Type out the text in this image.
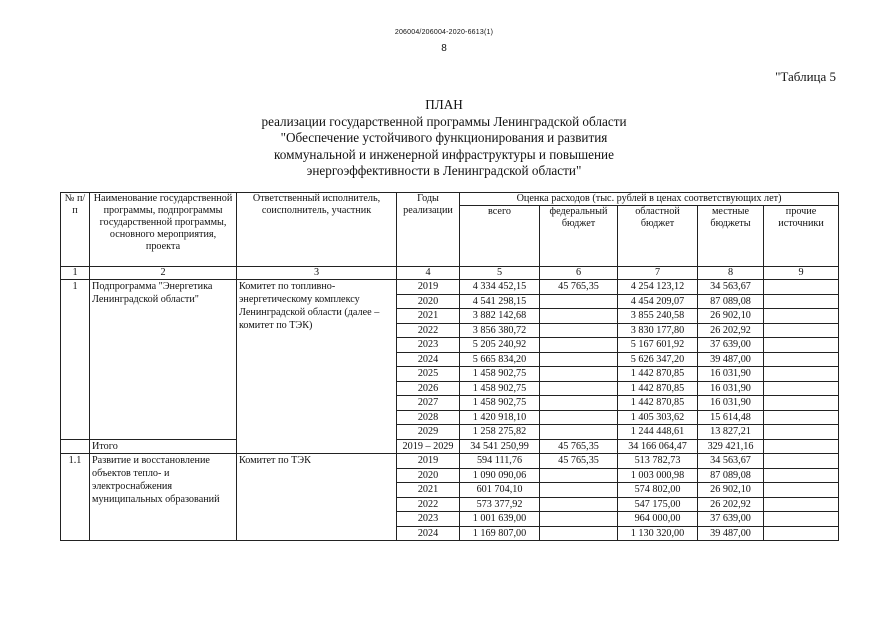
206004/206004-2020-6613(1)
8
"Таблица 5
ПЛАН
реализации государственной программы Ленинградской области
"Обеспечение устойчивого функционирования и развития
коммунальной и инженерной инфраструктуры и повышение
энергоэффективности в Ленинградской области"
№ п/п	Наименование государственной программы, подпрограммы государственной программы, основного мероприятия, проекта	Ответственный исполнитель, соисполнитель, участник	Годы реализации	Оценка расходов (тыс. рублей в ценах соответствующих лет)				
				всего	федеральный бюджет	областной бюджет	местные бюджеты	прочие источники
1	2	3	4	5	6	7	8	9
1	Подпрограмма "Энергетика Ленинградской области"	Комитет по топливно-энергетическому комплексу Ленинградской области (далее – комитет по ТЭК)	2019	4 334 452,15	45 765,35	4 254 123,12	34 563,67	
			2020	4 541 298,15		4 454 209,07	87 089,08	
			2021	3 882 142,68		3 855 240,58	26 902,10	
			2022	3 856 380,72		3 830 177,80	26 202,92	
			2023	5 205 240,92		5 167 601,92	37 639,00	
			2024	5 665 834,20		5 626 347,20	39 487,00	
			2025	1 458 902,75		1 442 870,85	16 031,90	
			2026	1 458 902,75		1 442 870,85	16 031,90	
			2027	1 458 902,75		1 442 870,85	16 031,90	
			2028	1 420 918,10		1 405 303,62	15 614,48	
			2029	1 258 275,82		1 244 448,61	13 827,21	
	Итого		2019 – 2029	34 541 250,99	45 765,35	34 166 064,47	329 421,16	
1.1	Развитие и восстановление объектов тепло- и электроснабжения муниципальных образований	Комитет по ТЭК	2019	594 111,76	45 765,35	513 782,73	34 563,67	
			2020	1 090 090,06		1 003 000,98	87 089,08	
			2021	601 704,10		574 802,00	26 902,10	
			2022	573 377,92		547 175,00	26 202,92	
			2023	1 001 639,00		964 000,00	37 639,00	
			2024	1 169 807,00		1 130 320,00	39 487,00	
